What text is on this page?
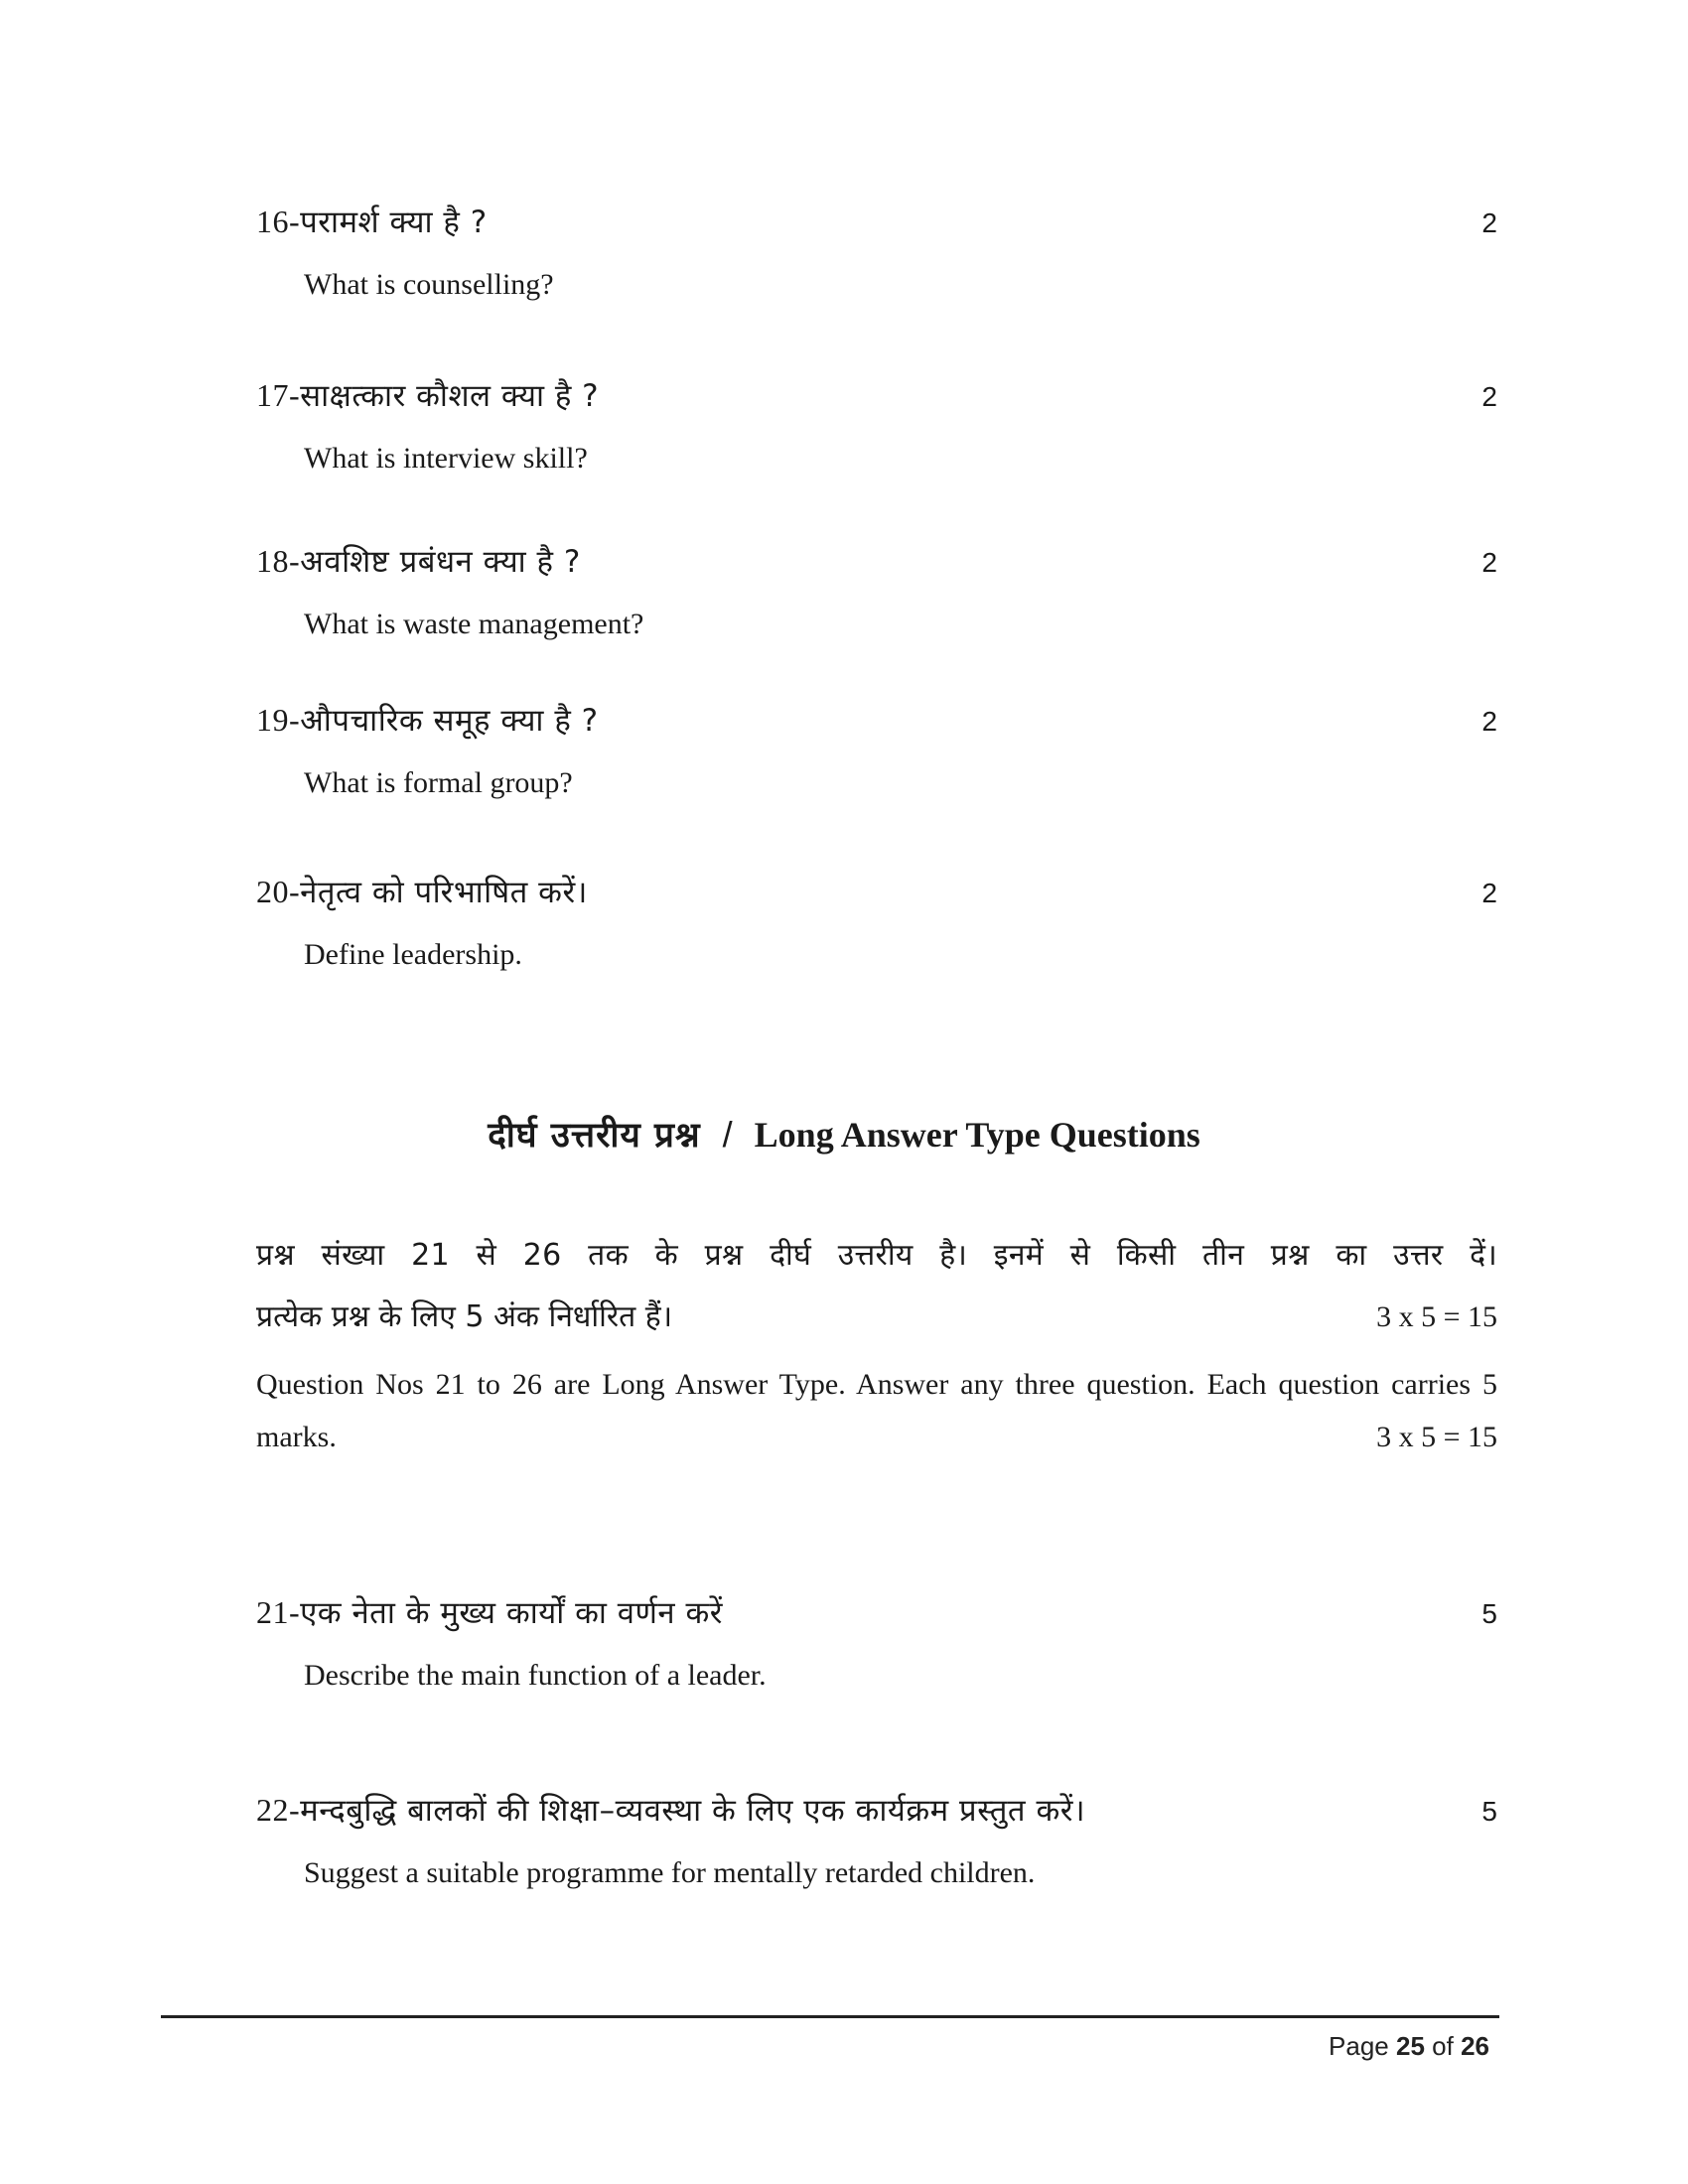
16-परामर्श क्या है ?	2
What is counselling?
17-साक्षत्कार कौशल क्या है ?	2
What is interview skill?
18-अवशिष्ट प्रबंधन क्या है ?	2
What is waste management?
19-औपचारिक समूह क्या है ?	2
What is formal group?
20-नेतृत्व को परिभाषित करें।	2
Define leadership.
दीर्घ उत्तरीय प्रश्न / Long Answer Type Questions
प्रश्न संख्या 21 से 26 तक के प्रश्न दीर्घ उत्तरीय है। इनमें से किसी तीन प्रश्न का उत्तर दें।
प्रत्येक प्रश्न के लिए 5 अंक निर्धारित हैं।	3 x 5 = 15
Question Nos 21 to 26 are Long Answer Type. Answer any three question. Each question carries 5
marks.	3 x 5 = 15
21-एक नेता के मुख्य कार्यों का वर्णन करें	5
Describe the main function of a leader.
22-मन्दबुद्धि बालकों की शिक्षा–व्यवस्था के लिए एक कार्यक्रम प्रस्तुत करें।	5
Suggest a suitable programme for mentally retarded children.
Page 25 of 26
